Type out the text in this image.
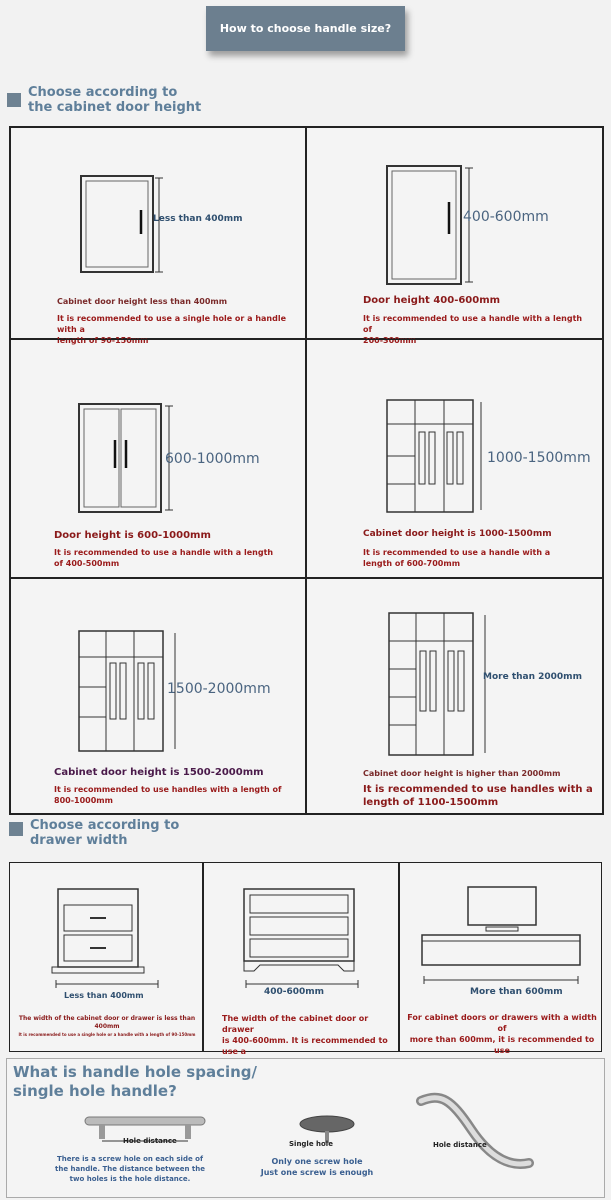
How to choose handle size?
Choose according to
the cabinet door height
Less than 400mm
Cabinet door height less than 400mm
It is recommended to use a single hole or a handle with a
length of 90-150mm
400-600mm
Door height 400-600mm
It is recommended to use a handle with a length of
200-300mm
600-1000mm
Door height is 600-1000mm
It is recommended to use a handle with a length
of 400-500mm
1000-1500mm
Cabinet door height is 1000-1500mm
It is recommended to use a handle with a
length of 600-700mm
1500-2000mm
Cabinet door height is 1500-2000mm
It is recommended to use handles with a length of
800-1000mm
More than 2000mm
Cabinet door height is higher than 2000mm
It is recommended to use handles with a
length of 1100-1500mm
Choose according to
drawer width
Less than 400mm
The width of the cabinet door or drawer is less than 400mm
It is recommended to use a single hole or a handle with a length of 90-150mm
400-600mm
The width of the cabinet door or drawer
is 400-600mm. It is recommended to use a
More than 600mm
For cabinet doors or drawers with a width of
more than 600mm, it is recommended to use
What is handle hole spacing/
single hole handle?
Hole distance
There is a screw hole on each side of
the handle. The distance between the
two holes is the hole distance.
Single hole
Only one screw hole
Just one screw is enough
Hole distance
